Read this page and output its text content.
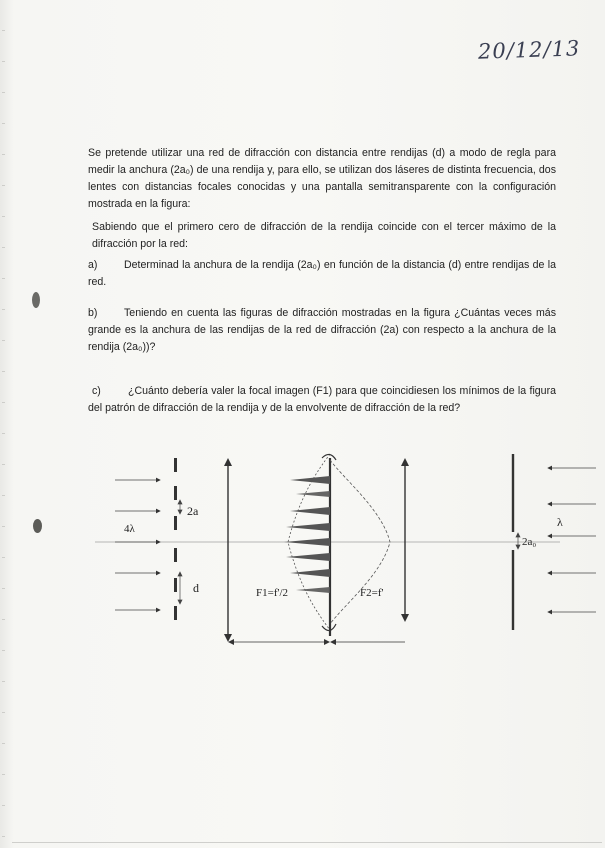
20/12/13
Se pretende utilizar una red de difracción con distancia entre rendijas (d) a modo de regla para medir la anchura (2a₀) de una rendija y, para ello, se utilizan dos láseres de distinta frecuencia, dos lentes con distancias focales conocidas y una pantalla semitransparente con la configuración mostrada en la figura:
Sabiendo que el primero cero de difracción de la rendija coincide con el tercer máximo de la difracción por la red:
a)	Determinad la anchura de la rendija (2a₀) en función de la distancia (d) entre rendijas de la red.
b)	Teniendo en cuenta las figuras de difracción mostradas en la figura ¿Cuántas veces más grande es la anchura de las rendijas de la red de difracción (2a) con respecto a la anchura de la rendija (2a₀))?
c)	¿Cuánto debería valer la focal imagen (F1) para que coincidiesen los mínimos de la figura del patrón de difracción de la rendija y de la envolvente de difracción de la red?
2a
4λ
d	F1=f'/2	F2=f'
2a₀
λ
